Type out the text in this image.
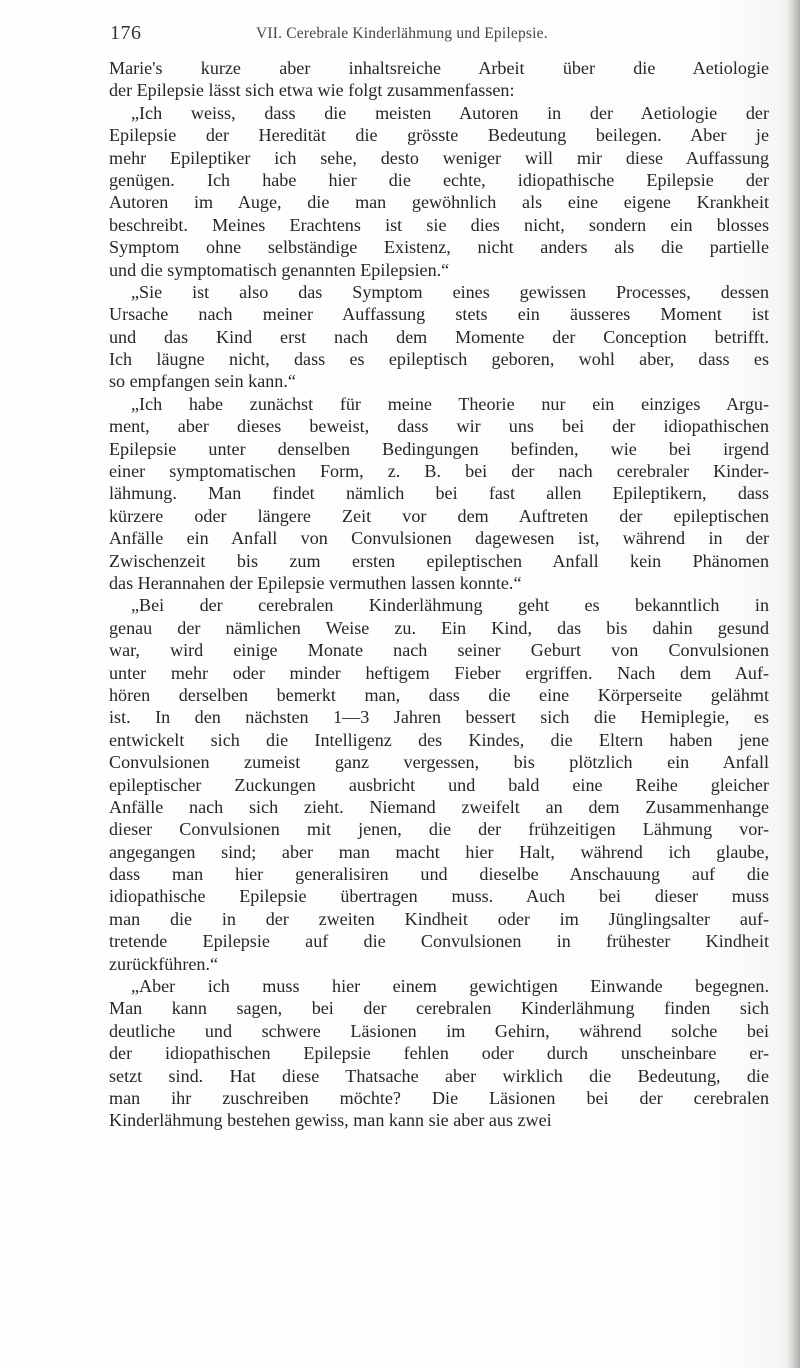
176	VII. Cerebrale Kinderlähmung und Epilepsie.
Marie's kurze aber inhaltsreiche Arbeit über die Aetiologie
der Epilepsie lässt sich etwa wie folgt zusammenfassen:
„Ich weiss, dass die meisten Autoren in der Aetiologie der
Epilepsie der Heredität die grösste Bedeutung beilegen. Aber je
mehr Epileptiker ich sehe, desto weniger will mir diese Auffassung
genügen. Ich habe hier die echte, idiopathische Epilepsie der
Autoren im Auge, die man gewöhnlich als eine eigene Krankheit
beschreibt. Meines Erachtens ist sie dies nicht, sondern ein blosses
Symptom ohne selbständige Existenz, nicht anders als die partielle
und die symptomatisch genannten Epilepsien.“
„Sie ist also das Symptom eines gewissen Processes, dessen
Ursache nach meiner Auffassung stets ein äusseres Moment ist
und das Kind erst nach dem Momente der Conception betrifft.
Ich läugne nicht, dass es epileptisch geboren, wohl aber, dass es
so empfangen sein kann.“
„Ich habe zunächst für meine Theorie nur ein einziges Argu-
ment, aber dieses beweist, dass wir uns bei der idiopathischen
Epilepsie unter denselben Bedingungen befinden, wie bei irgend
einer symptomatischen Form, z. B. bei der nach cerebraler Kinder-
lähmung. Man findet nämlich bei fast allen Epileptikern, dass
kürzere oder längere Zeit vor dem Auftreten der epileptischen
Anfälle ein Anfall von Convulsionen dagewesen ist, während in der
Zwischenzeit bis zum ersten epileptischen Anfall kein Phänomen
das Herannahen der Epilepsie vermuthen lassen konnte.“
„Bei der cerebralen Kinderlähmung geht es bekanntlich in
genau der nämlichen Weise zu. Ein Kind, das bis dahin gesund
war, wird einige Monate nach seiner Geburt von Convulsionen
unter mehr oder minder heftigem Fieber ergriffen. Nach dem Auf-
hören derselben bemerkt man, dass die eine Körperseite gelähmt
ist. In den nächsten 1—3 Jahren bessert sich die Hemiplegie, es
entwickelt sich die Intelligenz des Kindes, die Eltern haben jene
Convulsionen zumeist ganz vergessen, bis plötzlich ein Anfall
epileptischer Zuckungen ausbricht und bald eine Reihe gleicher
Anfälle nach sich zieht. Niemand zweifelt an dem Zusammenhange
dieser Convulsionen mit jenen, die der frühzeitigen Lähmung vor-
angegangen sind; aber man macht hier Halt, während ich glaube,
dass man hier generalisiren und dieselbe Anschauung auf die
idiopathische Epilepsie übertragen muss. Auch bei dieser muss
man die in der zweiten Kindheit oder im Jünglingsalter auf-
tretende Epilepsie auf die Convulsionen in frühester Kindheit
zurückführen.“
„Aber ich muss hier einem gewichtigen Einwande begegnen.
Man kann sagen, bei der cerebralen Kinderlähmung finden sich
deutliche und schwere Läsionen im Gehirn, während solche bei
der idiopathischen Epilepsie fehlen oder durch unscheinbare er-
setzt sind. Hat diese Thatsache aber wirklich die Bedeutung, die
man ihr zuschreiben möchte? Die Läsionen bei der cerebralen
Kinderlähmung bestehen gewiss, man kann sie aber aus zwei
